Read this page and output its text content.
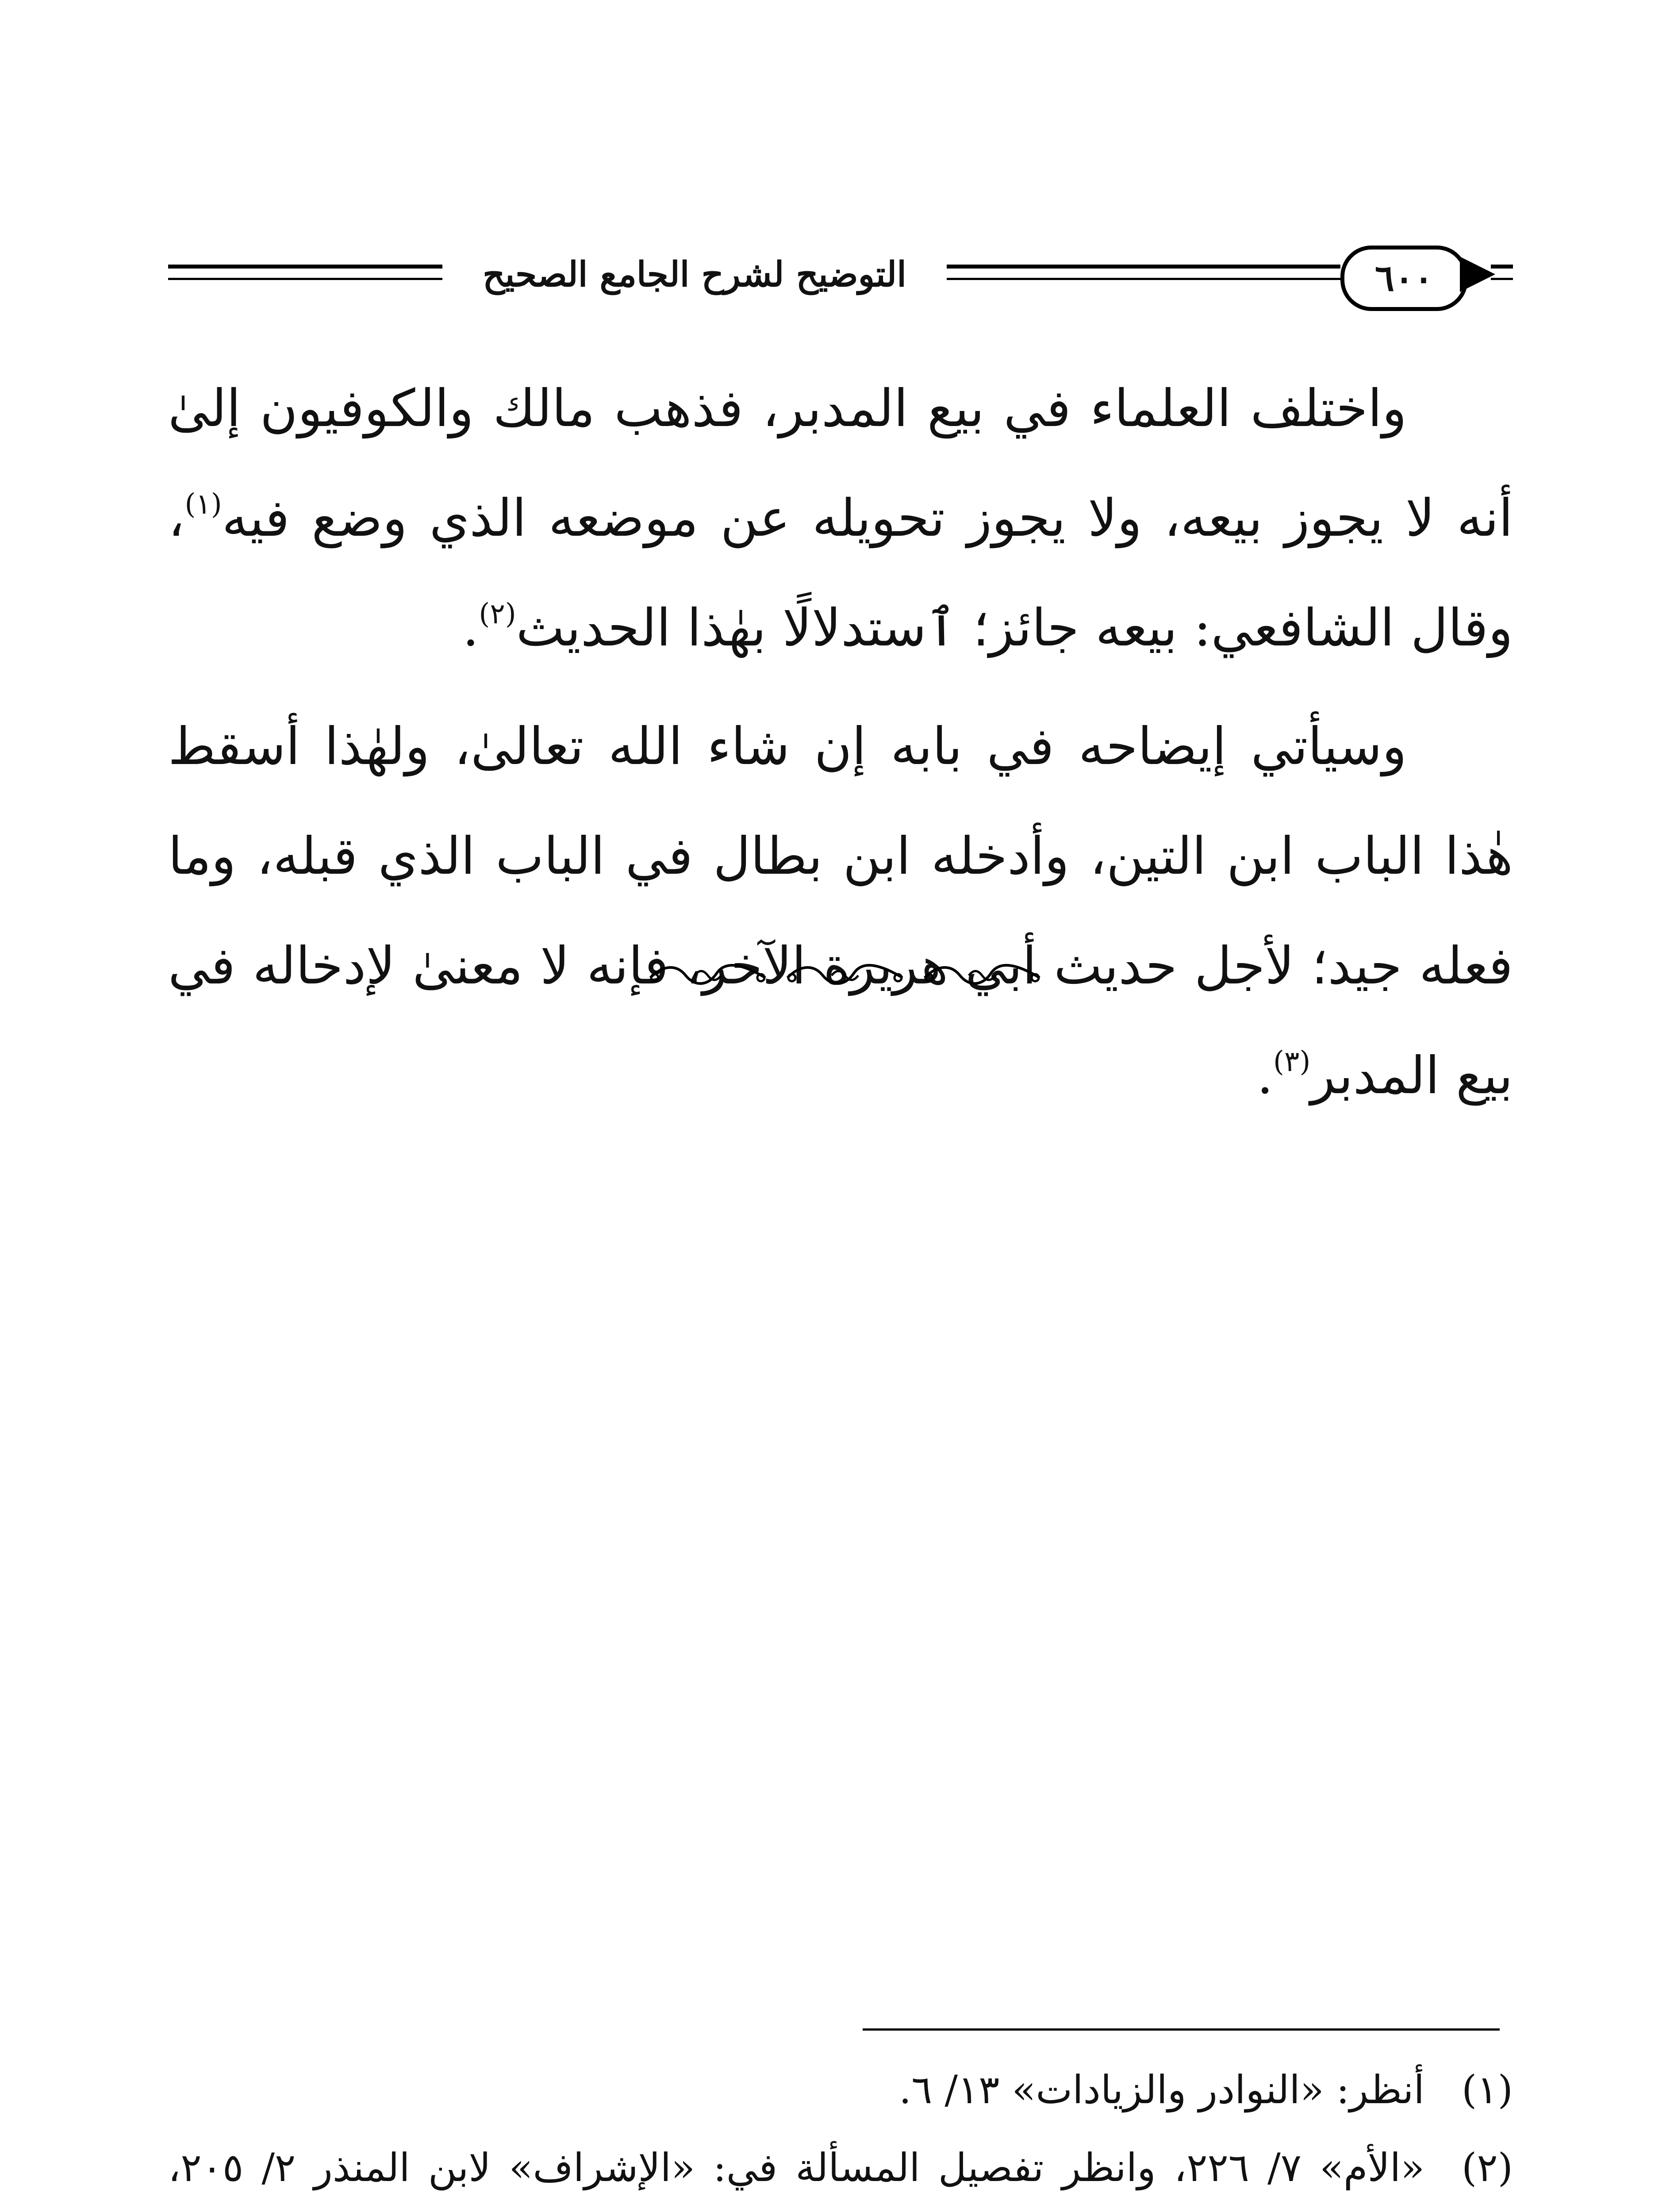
التوضيح لشرح الجامع الصحيح	٦٠٠

واختلف العلماء في بيع المدبر، فذهب مالك والكوفيون إلىٰ أنه لا يجوز بيعه، ولا يجوز تحويله عن موضعه الذي وضع فيه$^{(١)}$، وقال الشافعي: بيعه جائز؛ ٱستدلالًا بهٰذا الحديث$^{(٢)}$.

وسيأتي إيضاحه في بابه إن شاء الله تعالىٰ، ولهٰذا أسقط هٰذا الباب ابن التين، وأدخله ابن بطال في الباب الذي قبله، وما فعله جيد؛ لأجل حديث أبي هريرة الآخر، فإنه لا معنىٰ لإدخاله في بيع المدبر$^{(٣)}$.

(١)
أنظر: «النوادر والزيادات» ١٣/ ٦.
(٢)
«الأم» ٧/ ٢٢٦، وانظر تفصيل المسألة في: «الإشراف» لابن المنذر ٢/ ٢٠٥،
